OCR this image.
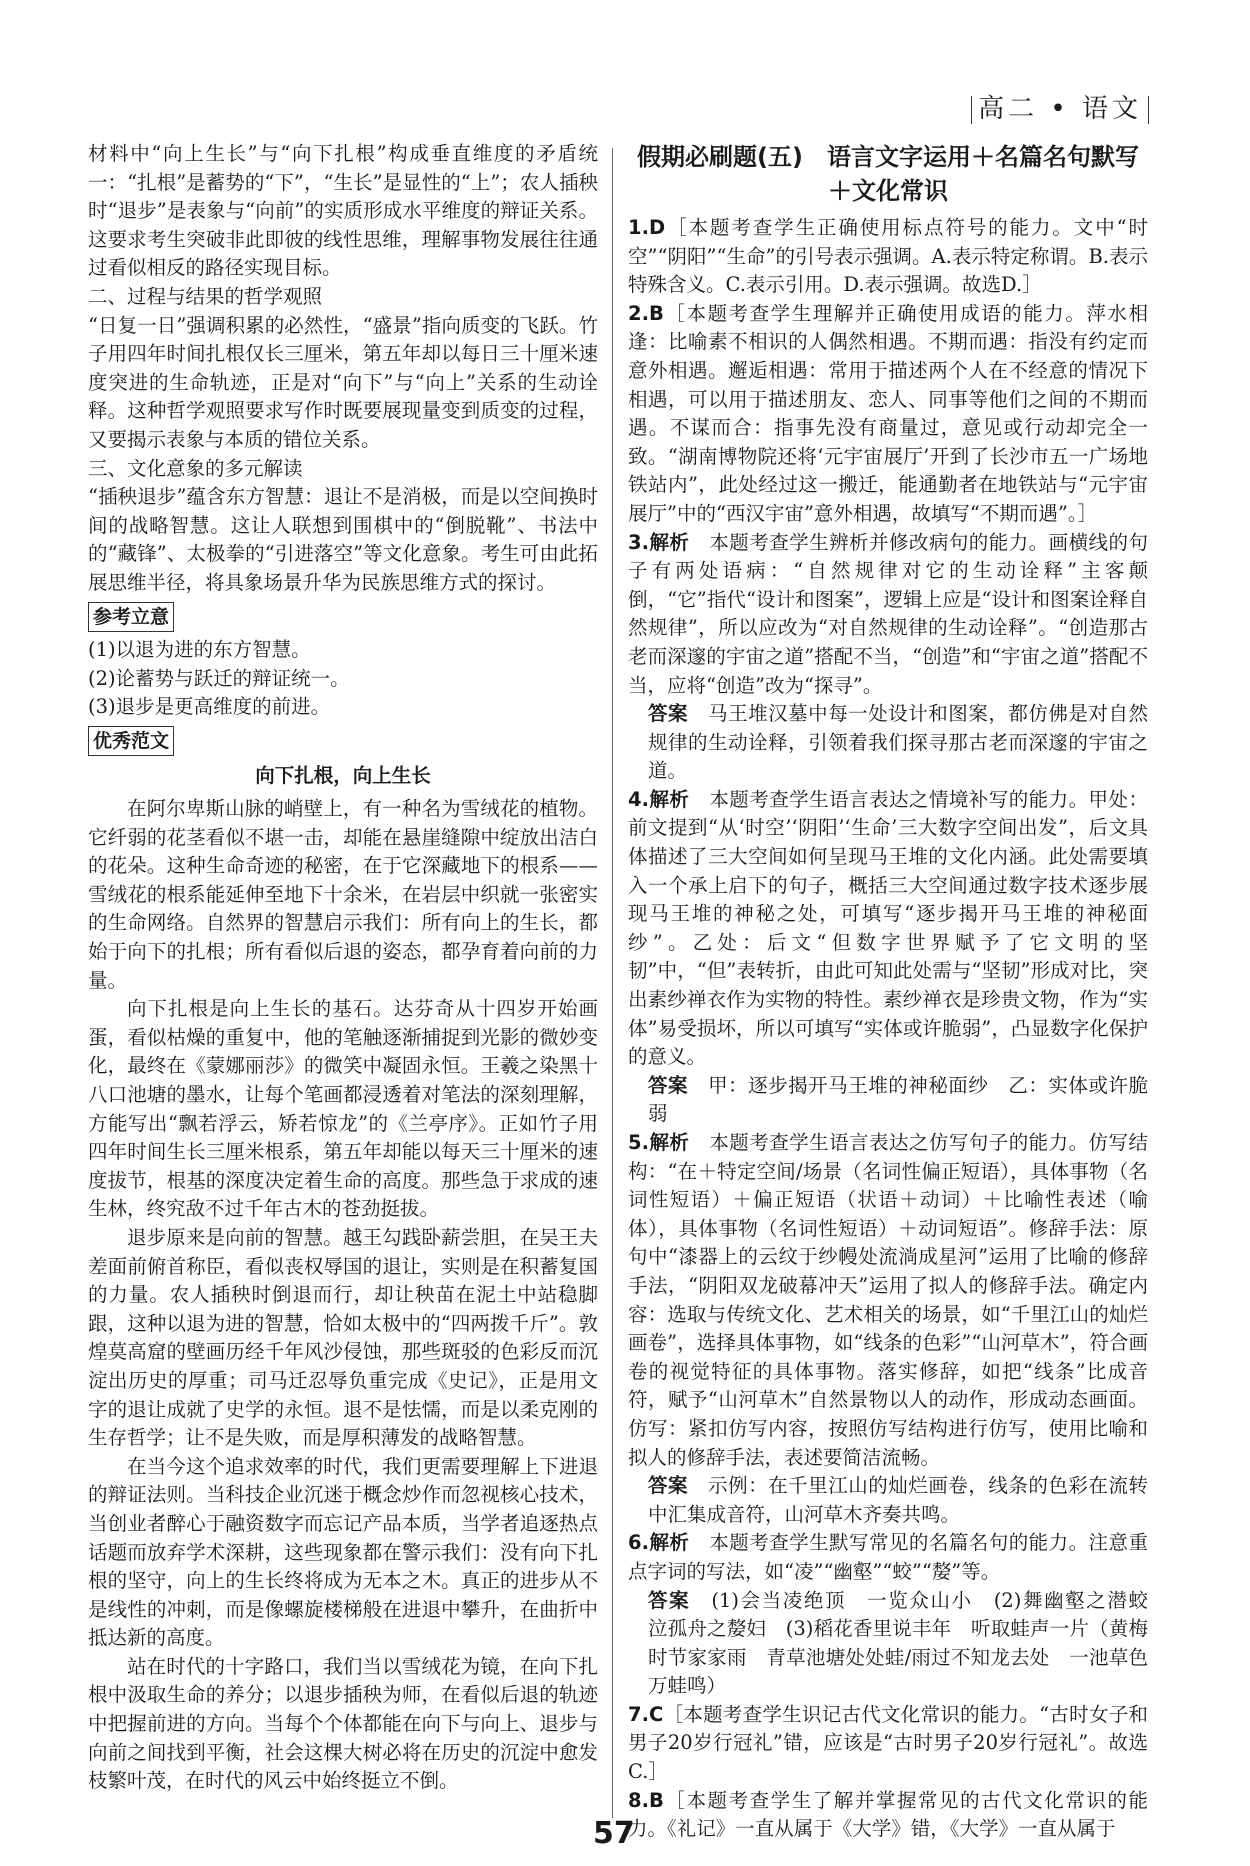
高二 • 语文

材料中“向上生长”与“向下扎根”构成垂直维度的矛盾统一：“扎根”是蓄势的“下”，“生长”是显性的“上”；农人插秧时“退步”是表象与“向前”的实质形成水平维度的辩证关系。这要求考生突破非此即彼的线性思维，理解事物发展往往通过看似相反的路径实现目标。

二、过程与结果的哲学观照

“日复一日”强调积累的必然性，“盛景”指向质变的飞跃。竹子用四年时间扎根仅长三厘米，第五年却以每日三十厘米速度突进的生命轨迹，正是对“向下”与“向上”关系的生动诠释。这种哲学观照要求写作时既要展现量变到质变的过程，又要揭示表象与本质的错位关系。

三、文化意象的多元解读

“插秧退步”蕴含东方智慧：退让不是消极，而是以空间换时间的战略智慧。这让人联想到围棋中的“倒脱靴”、书法中的“藏锋”、太极拳的“引进落空”等文化意象。考生可由此拓展思维半径，将具象场景升华为民族思维方式的探讨。

参考立意

(1)以退为进的东方智慧。

(2)论蓄势与跃迁的辩证统一。

(3)退步是更高维度的前进。

优秀范文
向下扎根，向上生长

在阿尔卑斯山脉的峭壁上，有一种名为雪绒花的植物。它纤弱的花茎看似不堪一击，却能在悬崖缝隙中绽放出洁白的花朵。这种生命奇迹的秘密，在于它深藏地下的根系——雪绒花的根系能延伸至地下十余米，在岩层中织就一张密实的生命网络。自然界的智慧启示我们：所有向上的生长，都始于向下的扎根；所有看似后退的姿态，都孕育着向前的力量。

向下扎根是向上生长的基石。达芬奇从十四岁开始画蛋，看似枯燥的重复中，他的笔触逐渐捕捉到光影的微妙变化，最终在《蒙娜丽莎》的微笑中凝固永恒。王羲之染黑十八口池塘的墨水，让每个笔画都浸透着对笔法的深刻理解，方能写出“飘若浮云，矫若惊龙”的《兰亭序》。正如竹子用四年时间生长三厘米根系，第五年却能以每天三十厘米的速度拔节，根基的深度决定着生命的高度。那些急于求成的速生林，终究敌不过千年古木的苍劲挺拔。

退步原来是向前的智慧。越王勾践卧薪尝胆，在吴王夫差面前俯首称臣，看似丧权辱国的退让，实则是在积蓄复国的力量。农人插秧时倒退而行，却让秧苗在泥土中站稳脚跟，这种以退为进的智慧，恰如太极中的“四两拨千斤”。敦煌莫高窟的壁画历经千年风沙侵蚀，那些斑驳的色彩反而沉淀出历史的厚重；司马迁忍辱负重完成《史记》，正是用文字的退让成就了史学的永恒。退不是怯懦，而是以柔克刚的生存哲学；让不是失败，而是厚积薄发的战略智慧。

在当今这个追求效率的时代，我们更需要理解上下进退的辩证法则。当科技企业沉迷于概念炒作而忽视核心技术，当创业者醉心于融资数字而忘记产品本质，当学者追逐热点话题而放弃学术深耕，这些现象都在警示我们：没有向下扎根的坚守，向上的生长终将成为无本之木。真正的进步从不是线性的冲刺，而是像螺旋楼梯般在进退中攀升，在曲折中抵达新的高度。

站在时代的十字路口，我们当以雪绒花为镜，在向下扎根中汲取生命的养分；以退步插秧为师，在看似后退的轨迹中把握前进的方向。当每个个体都能在向下与向上、退步与向前之间找到平衡，社会这棵大树必将在历史的沉淀中愈发枝繁叶茂，在时代的风云中始终挺立不倒。

假期必刷题(五)　语言文字运用＋名篇名句默写＋文化常识

1.D［本题考查学生正确使用标点符号的能力。文中“时空”“阴阳”“生命”的引号表示强调。A.表示特定称谓。B.表示特殊含义。C.表示引用。D.表示强调。故选D.］

2.B［本题考查学生理解并正确使用成语的能力。萍水相逢：比喻素不相识的人偶然相遇。不期而遇：指没有约定而意外相遇。邂逅相遇：常用于描述两个人在不经意的情况下相遇，可以用于描述朋友、恋人、同事等他们之间的不期而遇。不谋而合：指事先没有商量过，意见或行动却完全一致。“湖南博物院还将‘元宇宙展厅’开到了长沙市五一广场地铁站内”，此处经过这一搬迁，能通勤者在地铁站与“元宇宙展厅”中的“西汉宇宙”意外相遇，故填写“不期而遇”。］

3.解析　 本题考查学生辨析并修改病句的能力。画横线的句子有两处语病：“自然规律对它的生动诠释”主客颠倒，“它”指代“设计和图案”，逻辑上应是“设计和图案诠释自然规律”，所以应改为“对自然规律的生动诠释”。“创造那古老而深邃的宇宙之道”搭配不当，“创造”和“宇宙之道”搭配不当，应将“创造”改为“探寻”。

答案　 马王堆汉墓中每一处设计和图案，都仿佛是对自然规律的生动诠释，引领着我们探寻那古老而深邃的宇宙之道。

4.解析　 本题考查学生语言表达之情境补写的能力。甲处：前文提到“从‘时空’‘阴阳’‘生命’三大数字空间出发”，后文具体描述了三大空间如何呈现马王堆的文化内涵。此处需要填入一个承上启下的句子，概括三大空间通过数字技术逐步展现马王堆的神秘之处，可填写“逐步揭开马王堆的神秘面纱”。乙处：后文“但数字世界赋予了它文明的坚韧”中，“但”表转折，由此可知此处需与“坚韧”形成对比，突出素纱禅衣作为实物的特性。素纱禅衣是珍贵文物，作为“实体”易受损坏，所以可填写“实体或许脆弱”，凸显数字化保护的意义。

答案　 甲：逐步揭开马王堆的神秘面纱　乙：实体或许脆弱

5.解析　 本题考查学生语言表达之仿写句子的能力。仿写结构：“在＋特定空间/场景（名词性偏正短语），具体事物（名词性短语）＋偏正短语（状语＋动词）＋比喻性表述（喻体），具体事物（名词性短语）＋动词短语”。修辞手法：原句中“漆器上的云纹于纱幔处流淌成星河”运用了比喻的修辞手法，“阴阳双龙破幕冲天”运用了拟人的修辞手法。确定内容：选取与传统文化、艺术相关的场景，如“千里江山的灿烂画卷”，选择具体事物，如“线条的色彩”“山河草木”，符合画卷的视觉特征的具体事物。落实修辞，如把“线条”比成音符，赋予“山河草木”自然景物以人的动作，形成动态画面。仿写：紧扣仿写内容，按照仿写结构进行仿写，使用比喻和拟人的修辞手法，表述要简洁流畅。

答案　 示例：在千里江山的灿烂画卷，线条的色彩在流转中汇集成音符，山河草木齐奏共鸣。

6.解析　 本题考查学生默写常见的名篇名句的能力。注意重点字词的写法，如“凌”“幽壑”“蛟”“嫠”等。

答案　 (1)会当凌绝顶　一览众山小　(2)舞幽壑之潜蛟　泣孤舟之嫠妇　(3)稻花香里说丰年　听取蛙声一片（黄梅时节家家雨　青草池塘处处蛙/雨过不知龙去处　一池草色万蛙鸣）

7.C［本题考查学生识记古代文化常识的能力。“古时女子和男子20岁行冠礼”错，应该是“古时男子20岁行冠礼”。故选C.］

8.B［本题考查学生了解并掌握常见的古代文化常识的能力。《礼记》一直从属于《大学》错，《大学》一直从属于

57
